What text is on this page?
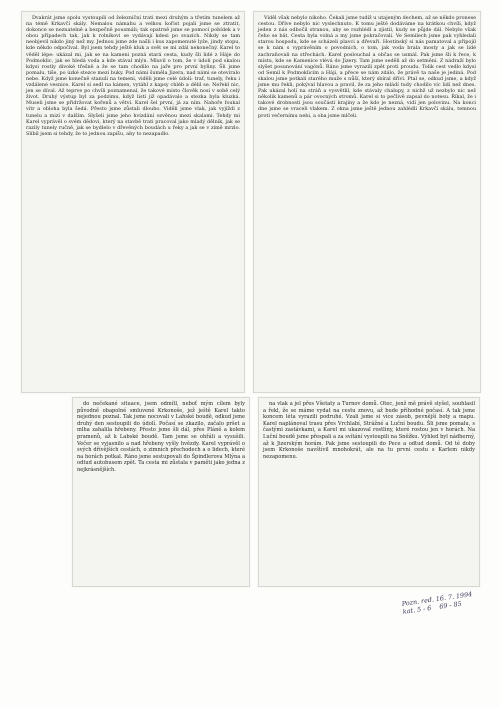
Dvakrát jsme spolu vystoupili od železniční trati mezi druhým a třetím tunelem až na témě Krkavčí skály. Nemalou námahu a velkou kořist pojali jsme se ztratit, dokonce se neznatelně a bezpečně pousmáli; tak opatrně jsme se pomocí pobídek a v obou případech tak, jak k rolníkovi se vydávají kdesi po svazích. Nikdy se tam neobjevil nikdo jiný než my. Jednou jsme zde našli i kus zapomenuté lyže, jindy stopu, kde někdo odpočíval. Byl jsem tehdy ještě kluk a svět se mi zdál nekonečný. Karel to věděl lépe: ukázal mi, jak se na kameni pozná stará cesta, kudy šli lidé z Háje do Podmoklic, jak se hledá voda a kde stával mlýn. Mluvil o tom, že v údolí pod skalou kdysi rostly divoké třešně a že se tam chodilo na jaře pro první byliny. Šli jsme pomalu, tiše, po úzké stezce mezi buky. Pod námi šuměla Jizera, nad námi se otevíralo nebe. Když jsme konečně stanuli na temeni, viděli jsme celé údolí: trať, tunely, řeku i vzdálené vesnice. Karel si sedl na kámen, vytáhl z kapsy chléb a dělil se. Neřekl nic, jen se díval. Až teprve po chvíli poznamenal, že takové místo člověk nosí v sobě celý život. Druhý výstup byl za podzimu, když listí již opadávalo a stezka byla kluzká. Museli jsme se přidržovat kořenů a větví. Karel šel první, já za ním. Nahoře foukal vítr a obloha byla šedá. Přesto jsme zůstali dlouho. Viděli jsme vlak, jak vyjíždí z tunelu a mizí v dalším. Slyšeli jsme jeho hvízdání ozvěnou mezi skalami. Tehdy mi Karel vyprávěl o svém dědovi, který na stavbě trati pracoval jako mladý dělník, jak se razily tunely ručně, jak se bydlelo v dřevěných boudách u řeky a jak se v zimě mrzlo. Slíbil jsem si tehdy, že to jednou zapíšu, aby to nezapadlo.

Viděl však nebylo nikoho. Čekali jsme tudíž u utajeným dechem, až se někdo pronese cestou. Dříve nebylo nic vyslechnuto. K tomu ještě dodáváme na krátkou chvíli, když jeden z nás odbočil stranou, aby se rozhlédl a zjistil, kudy se půjde dál. Nebylo však čeho se bát. Cesta byla volná a my jsme pokračovali. Ve Semilech jsme pak vyhledali starou hospodu, kde se scházeli plavci a dřevaři. Hostinský si nás pamatoval a připojil se k nám s vyprávěním o povodních, o tom, jak voda brala mosty a jak se lidé zachraňovali na střechách. Karel poslouchal a občas se usmál. Pak jsme šli k řece, k místu, kde se Kamenice vlévá do Jizery. Tam jsme seděli až do setmění. Z nádraží bylo slyšet posunování vagónů. Ráno jsme vyrazili zpět proti proudu. Tolik cest vedlo kdysi od Semil k Podmoklicím a Háji, a přece se nám zdálo, že právě ta naše je jediná. Pod skalou jsme potkali starého muže s nůší, který sbíral dříví. Ptal se, odkud jsme, a když jsme mu řekli, pokýval hlavou a pravil, že za jeho mládí tudy chodilo víc lidí než dnes. Pak ukázal holí na stráň a vysvětlil, kde stávaly chalupy, z nichž už nezbylo nic než několik kamenů a pár ovocných stromů. Karel si to pečlivě zapsal do notesu. Říkal, že i takové drobnosti jsou součástí krajiny a že kdo je nezná, vidí jen polovinu. Na konci dne jsme se vraceli vlakem. Z okna jsme ještě jednou zahlédli Krkavčí skálu, temnou proti večernímu nebi, a oba jsme mlčeli.

do nečekané situace, jsem odmítl, neboť mým cílem byly původně obapolné smluvené Krkonoše, jež ještě Karel takto nejednou poznal. Tak jsme nocovali v Lahské boudě, odkud jsme druhý den sestoupili do údolí. Počasí se zkazilo, začalo pršet a mlha zahalila hřebeny. Přesto jsme šli dál, přes Pláně a kolem pramenů, až k Labské boudě. Tam jsme se ohřáli a vysušili. Večer se vyjasnilo a nad hřebeny vyšly hvězdy. Karel vyprávěl o svých dřívějších cestách, o zimních přechodech a o lidech, které na horách potkal. Ráno jsme sestupovali do Špindlerova Mlýna a odtud autobusem zpět. Ta cesta mi zůstala v paměti jako jedna z nejkrásnějších.

na vlak a jel přes Všetaty a Turnov domů. Otec, jenž mě právě slyšel, souhlasil a řekl, že se máme vydat na cestu znovu, až bude příhodné počasí. A tak jsme koncem léta vyrazili podruhé. Vzali jsme si více zásob, pevnější boty a mapu. Karel naplánoval trasu přes Vrchlabí, Strážné a Luční boudu. Šli jsme pomalu, s častými zastávkami, a Karel mi ukazoval rostliny, které rostou jen v horách. Na Luční boudě jsme přespali a za svítání vystoupili na Sněžku. Výhled byl nádherný, až k Jizerským horám. Pak jsme sestoupili do Pece a odtud domů. Od té doby jsem Krkonoše navštívil mnohokrát, ale na tu první cestu s Karlem nikdy nezapomenu.

Pozn. red. 16. 7. 1994
kat. 5 - 6    69 - 85
